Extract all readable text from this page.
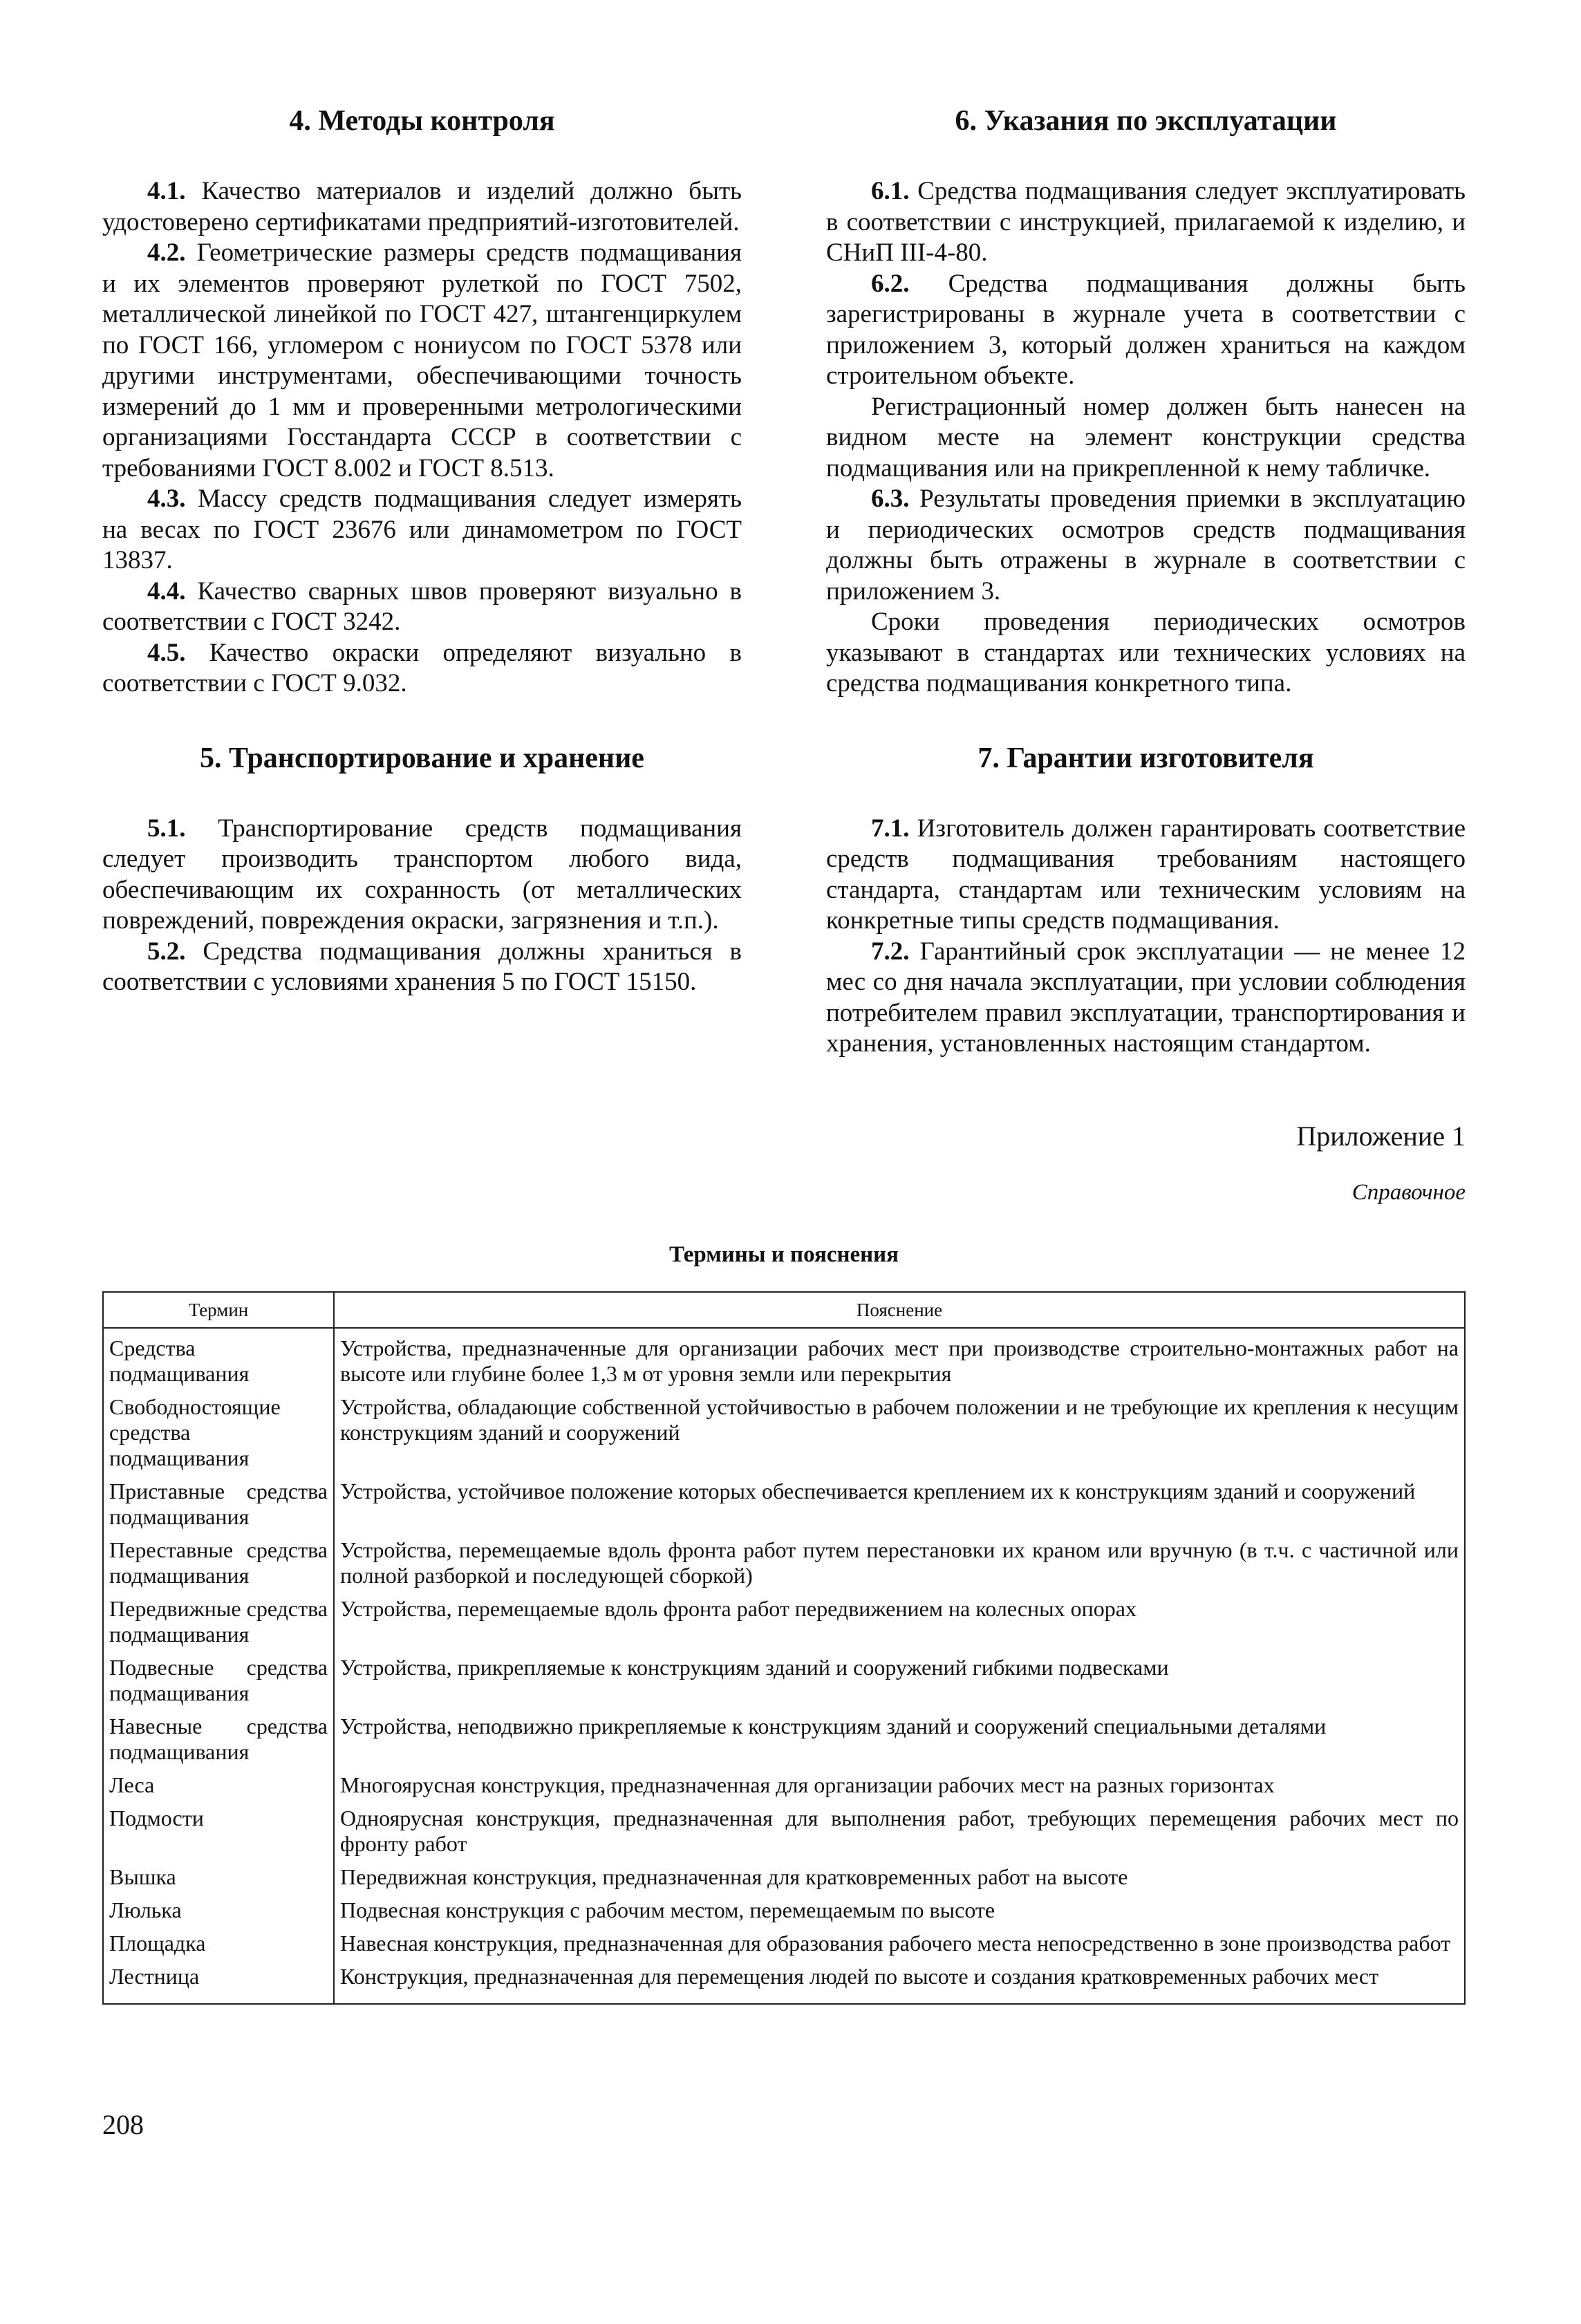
4. Методы контроля

4.1. Качество материалов и изделий должно быть удостоверено сертификатами предприятий-изготовителей.

4.2. Геометрические размеры средств подмащивания и их элементов проверяют рулеткой по ГОСТ 7502, металлической линейкой по ГОСТ 427, штангенциркулем по ГОСТ 166, угломером с нониусом по ГОСТ 5378 или другими инструментами, обеспечивающими точность измерений до 1 мм и проверенными метрологическими организациями Госстандарта СССР в соответствии с требованиями ГОСТ 8.002 и ГОСТ 8.513.

4.3. Массу средств подмащивания следует измерять на весах по ГОСТ 23676 или динамометром по ГОСТ 13837.

4.4. Качество сварных швов проверяют визуально в соответствии с ГОСТ 3242.

4.5. Качество окраски определяют визуально в соответствии с ГОСТ 9.032.

5. Транспортирование и хранение

5.1. Транспортирование средств подмащивания следует производить транспортом любого вида, обеспечивающим их сохранность (от металлических повреждений, повреждения окраски, загрязнения и т.п.).

5.2. Средства подмащивания должны храниться в соответствии с условиями хранения 5 по ГОСТ 15150.

6. Указания по эксплуатации

6.1. Средства подмащивания следует эксплуатировать в соответствии с инструкцией, прилагаемой к изделию, и СНиП III-4-80.

6.2. Средства подмащивания должны быть зарегистрированы в журнале учета в соответствии с приложением 3, который должен храниться на каждом строительном объекте.

Регистрационный номер должен быть нанесен на видном месте на элемент конструкции средства подмащивания или на прикрепленной к нему табличке.

6.3. Результаты проведения приемки в эксплуатацию и периодических осмотров средств подмащивания должны быть отражены в журнале в соответствии с приложением 3.

Сроки проведения периодических осмотров указывают в стандартах или технических условиях на средства подмащивания конкретного типа.

7. Гарантии изготовителя

7.1. Изготовитель должен гарантировать соответствие средств подмащивания требованиям настоящего стандарта, стандартам или техническим условиям на конкретные типы средств подмащивания.

7.2. Гарантийный срок эксплуатации — не менее 12 мес со дня начала эксплуатации, при условии соблюдения потребителем правил эксплуатации, транспортирования и хранения, установленных настоящим стандартом.

Приложение 1
Справочное
Термины и пояснения
Термин	Пояснение
Средства подмащивания	Устройства, предназначенные для организации рабочих мест при производстве строительно-монтажных работ на высоте или глубине более 1,3 м от уровня земли или перекрытия
Свободностоящие средства подмащивания	Устройства, обладающие собственной устойчивостью в рабочем положении и не требующие их крепления к несущим конструкциям зданий и сооружений
Приставные средства подмащивания	Устройства, устойчивое положение которых обеспечивается креплением их к конструкциям зданий и сооружений
Переставные средства подмащивания	Устройства, перемещаемые вдоль фронта работ путем перестановки их краном или вручную (в т.ч. с частичной или полной разборкой и последующей сборкой)
Передвижные средства подмащивания	Устройства, перемещаемые вдоль фронта работ передвижением на колесных опорах
Подвесные средства подмащивания	Устройства, прикрепляемые к конструкциям зданий и сооружений гибкими подвесками
Навесные средства подмащивания	Устройства, неподвижно прикрепляемые к конструкциям зданий и сооружений специальными деталями
Леса	Многоярусная конструкция, предназначенная для организации рабочих мест на разных горизонтах
Подмости	Одноярусная конструкция, предназначенная для выполнения работ, требующих перемещения рабочих мест по фронту работ
Вышка	Передвижная конструкция, предназначенная для кратковременных работ на высоте
Люлька	Подвесная конструкция с рабочим местом, перемещаемым по высоте
Площадка	Навесная конструкция, предназначенная для образования рабочего места непосредственно в зоне производства работ
Лестница	Конструкция, предназначенная для перемещения людей по высоте и создания кратковременных рабочих мест
208
